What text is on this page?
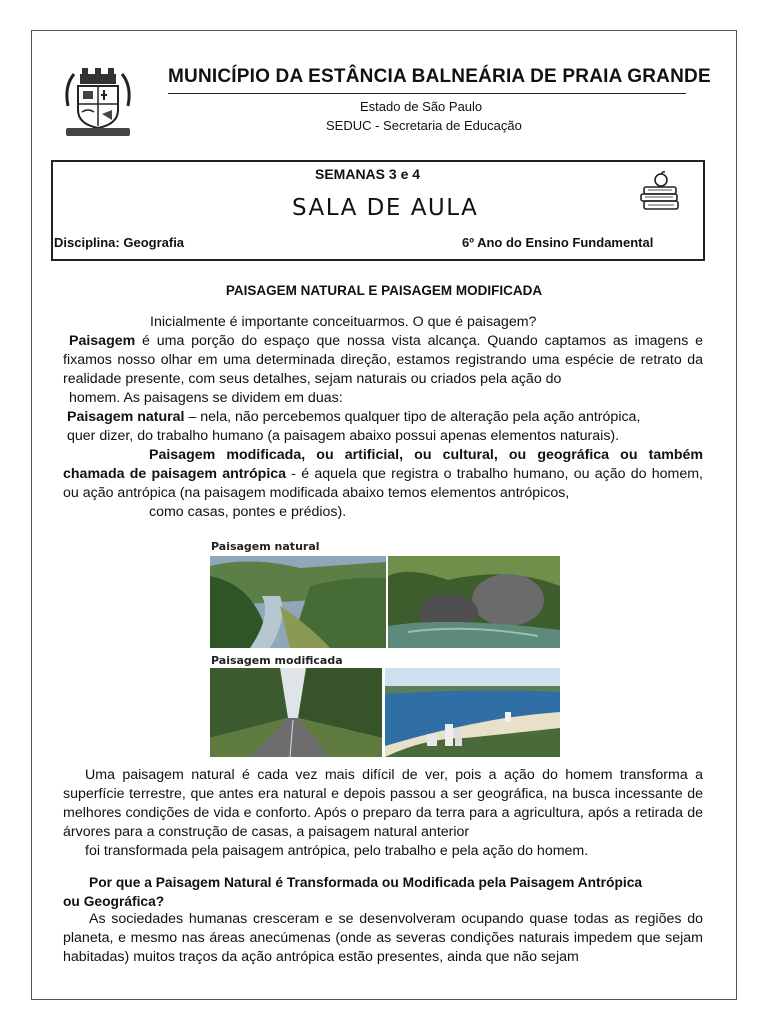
MUNICÍPIO DA ESTÂNCIA BALNEÁRIA DE PRAIA GRANDE
Estado de São Paulo
SEDUC - Secretaria de Educação
SEMANAS 3 e 4
SALA DE AULA
Disciplina: Geografia	6º Ano do Ensino Fundamental
PAISAGEM NATURAL E PAISAGEM MODIFICADA
Inicialmente é importante conceituarmos. O que é paisagem?
Paisagem é uma porção do espaço que nossa vista alcança. Quando captamos as imagens e fixamos nosso olhar em uma determinada direção, estamos registrando uma espécie de retrato da realidade presente, com seus detalhes, sejam naturais ou criados pela ação do
homem. As paisagens se dividem em duas:
Paisagem natural – nela, não percebemos qualquer tipo de alteração pela ação antrópica,
quer dizer, do trabalho humano (a paisagem abaixo possui apenas elementos naturais).
Paisagem modificada, ou artificial, ou cultural, ou geográfica ou também chamada de paisagem antrópica - é aquela que registra o trabalho humano, ou ação do homem, ou ação antrópica (na paisagem modificada abaixo temos elementos antrópicos,
como casas, pontes e prédios).
Paisagem natural
Paisagem modificada
Uma paisagem natural é cada vez mais difícil de ver, pois a ação do homem transforma a superfície terrestre, que antes era natural e depois passou a ser geográfica, na busca incessante de melhores condições de vida e conforto. Após o preparo da terra para a agricultura, após a retirada de árvores para a construção de casas, a paisagem natural anterior
foi transformada pela paisagem antrópica, pelo trabalho e pela ação do homem.
Por que a Paisagem Natural é Transformada ou Modificada pela Paisagem Antrópica ou Geográfica?
As sociedades humanas cresceram e se desenvolveram ocupando quase todas as regiões do planeta, e mesmo nas áreas anecúmenas (onde as severas condições naturais impedem que sejam habitadas) muitos traços da ação antrópica estão presentes, ainda que não sejam
